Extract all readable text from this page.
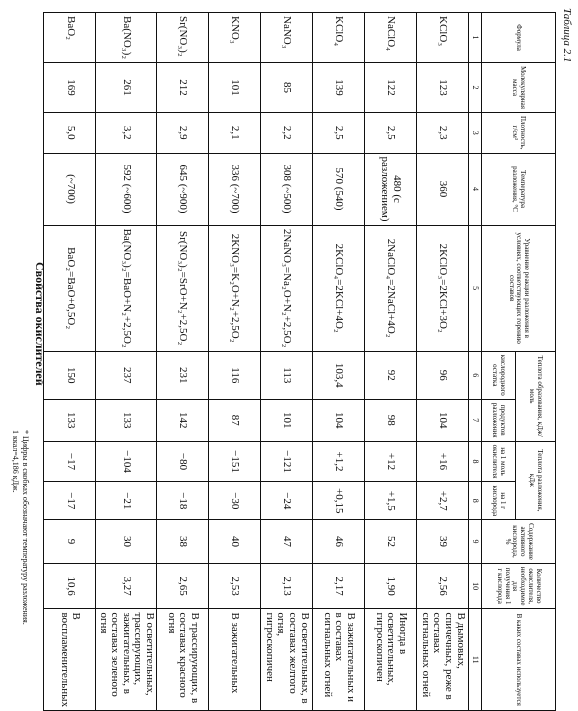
Таблица 2.1
Свойства окислителей
Формула	Молекулярная масса	Плотность, г/см³	Температура разложения, °С	Уравнение реакции разложения в условиях, соответствующих горению составов	Теплота образования, кДж/моль		Теплота разложения, кДж		Содержание активного кислорода, %	Количество окислителя, необходимое для получения 1 г кислорода	В каких составах используется
					кислородного остатка	продуктов разложения	на 1 моль окислителя	на 1 г кислорода			
1	2	3	4	5	6	7	8	8	9	10	11
KClO₃	123	2,3	360	2KClO₃=2KCl+3O₂	96	104	+16	+2,7	39	2,56	В дымовых, спичечных, реже в составах сигнальных огней
NaClO₄	122	2,5	480 (с разложением)	2NaClO₄=2NaCl+4O₂	92	98	+12	+1,5	52	1,90	Иногда в осветительных, гигроскопичен
KClO₄	139	2,5	570 (540)	2KClO₄=2KCl+4O₂	103,4	104	+1,2	+0,15	46	2,17	В зажигательных и в составах сигнальных огней
NaNO₃	85	2,2	308 (~500)	2NaNO₃=Na₂O+N₂+2,5O₂	113	101	−121	−24	47	2,13	В осветительных, в составах желтого огня, гигроскопичен
KNO₃	101	2,1	336 (~700)	2KNO₃=K₂O+N₂+2,5O₂	116	87	−151	−30	40	2,53	В зажигательных
Sr(NO₃)₂	212	2,9	645 (~900)	Sr(NO₃)₂=SrO+N₂+2,5O₂	231	142	−80	−18	38	2,65	В трассирующих, в составах красного огня
Ba(NO₃)₂	261	3,2	592 (~600)	Ba(NO₃)₂=BaO+N₂+2,5O₂	237	133	−104	−21	30	3,27	В осветительных, трассирующих, зажигательных, в составах зеленого огня
BaO₂	169	5,0	(~700)	BaO₂=BaO+0,5O₂	150	133	−17	−17	9	10,6	В воспламенительных
* Цифры в скобках обозначают температуру разложения.
1 ккал=4,186 кДж.
